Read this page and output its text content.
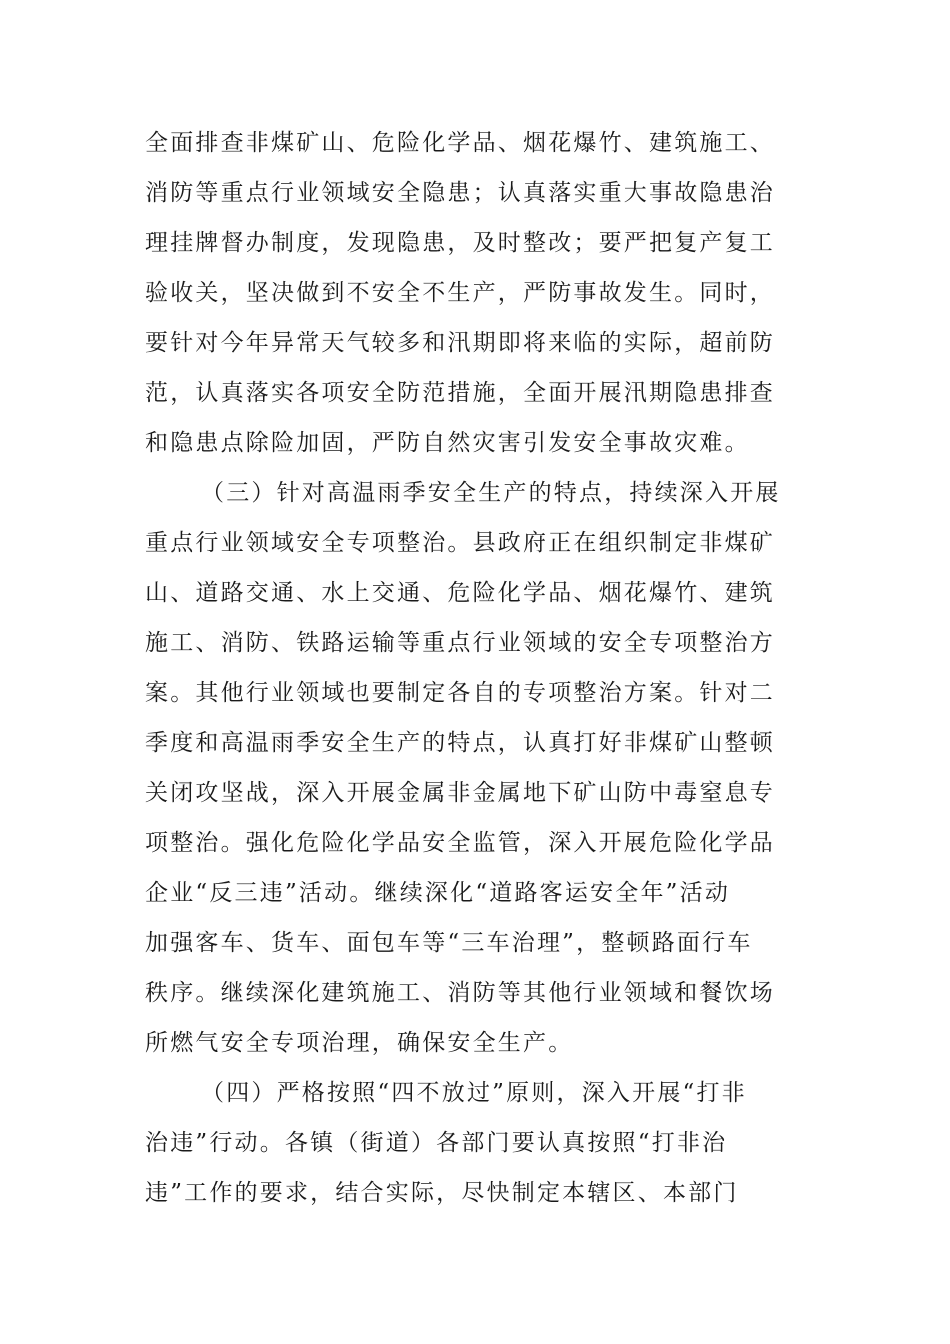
全面排查非煤矿山、危险化学品、烟花爆竹、建筑施工、
消防等重点行业领域安全隐患；认真落实重大事故隐患治
理挂牌督办制度，发现隐患，及时整改；要严把复产复工
验收关，坚决做到不安全不生产，严防事故发生。同时，
要针对今年异常天气较多和汛期即将来临的实际，超前防
范，认真落实各项安全防范措施，全面开展汛期隐患排查
和隐患点除险加固，严防自然灾害引发安全事故灾难。
（三）针对高温雨季安全生产的特点，持续深入开展
重点行业领域安全专项整治。县政府正在组织制定非煤矿
山、道路交通、水上交通、危险化学品、烟花爆竹、建筑
施工、消防、铁路运输等重点行业领域的安全专项整治方
案。其他行业领域也要制定各自的专项整治方案。针对二
季度和高温雨季安全生产的特点，认真打好非煤矿山整顿
关闭攻坚战，深入开展金属非金属地下矿山防中毒窒息专
项整治。强化危险化学品安全监管，深入开展危险化学品
企业“反三违”活动。继续深化“道路客运安全年”活动
加强客车、货车、面包车等“三车治理”，整顿路面行车
秩序。继续深化建筑施工、消防等其他行业领域和餐饮场
所燃气安全专项治理，确保安全生产。
（四）严格按照“四不放过”原则，深入开展“打非
治违”行动。各镇（街道）各部门要认真按照“打非治
违”工作的要求，结合实际，尽快制定本辖区、本部门
